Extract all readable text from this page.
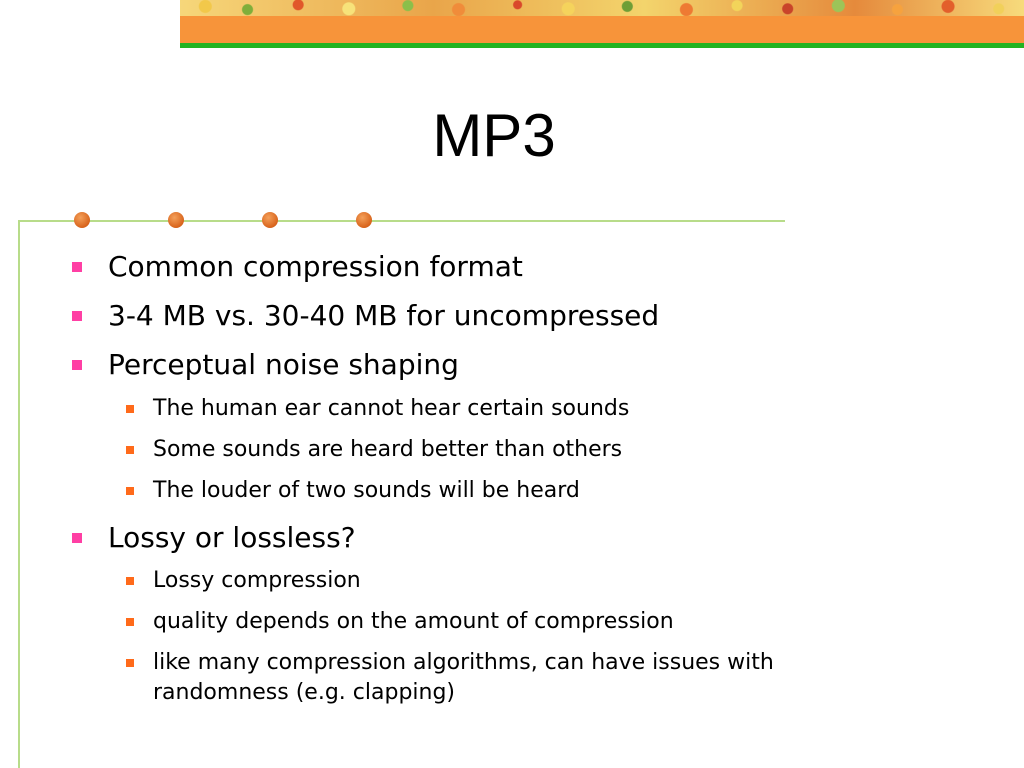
MP3
Common compression format
3-4 MB vs. 30-40 MB for uncompressed
Perceptual noise shaping
The human ear cannot hear certain sounds
Some sounds are heard better than others
The louder of two sounds will be heard
Lossy or lossless?
Lossy compression
quality depends on the amount of compression
like many compression algorithms, can have issues with randomness (e.g. clapping)
